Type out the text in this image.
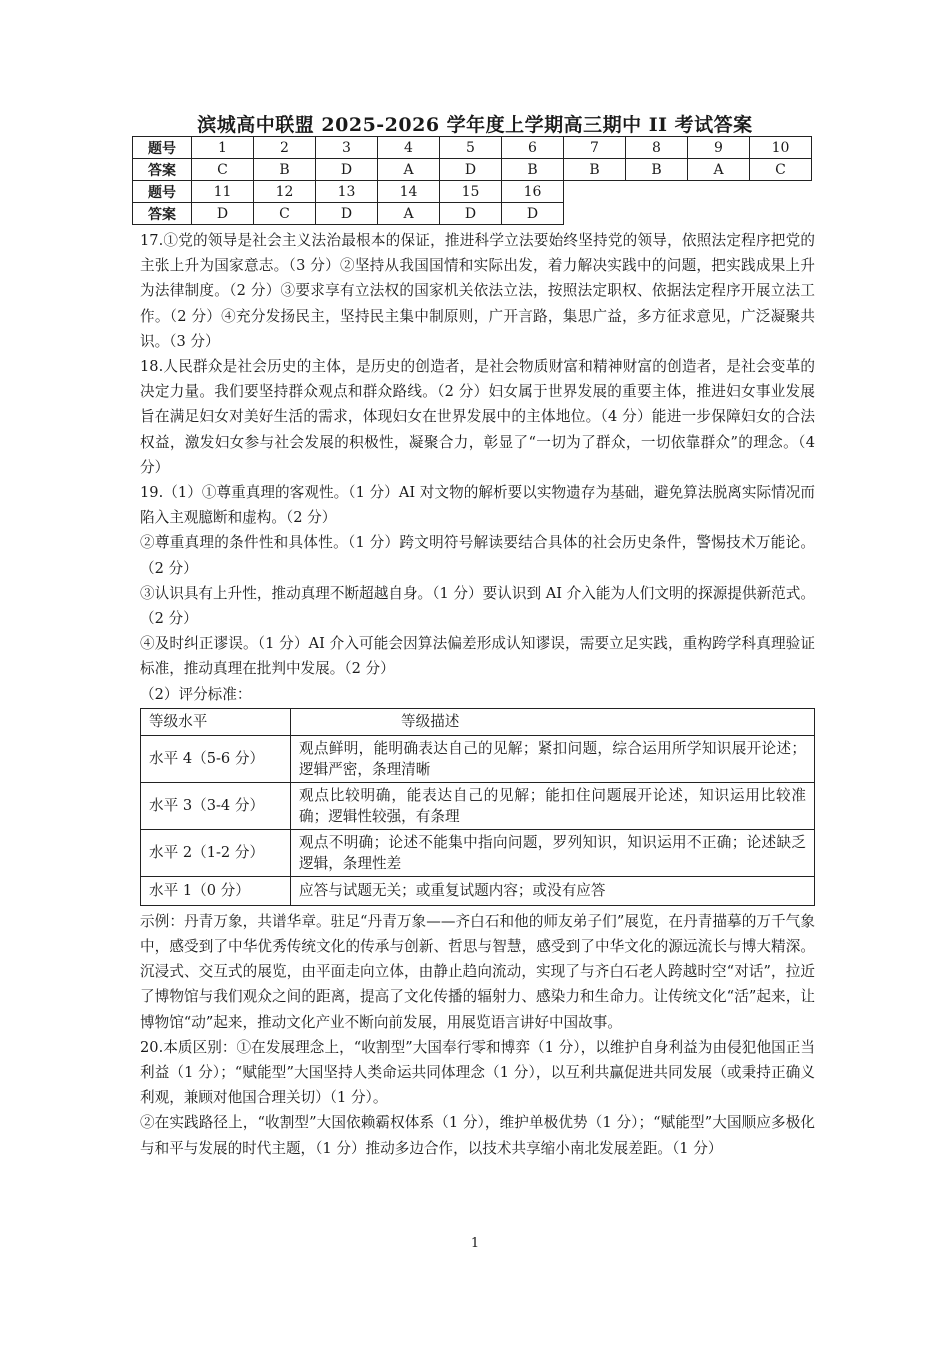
滨城高中联盟 2025-2026 学年度上学期高三期中 II 考试答案
题号	1	2	3	4	5	6	7	8	9	10
答案	C	B	D	A	D	B	B	B	A	C
题号	11	12	13	14	15	16				
答案	D	C	D	A	D	D				

17.①党的领导是社会主义法治最根本的保证，推进科学立法要始终坚持党的领导，依照法定程序把党的主张上升为国家意志。（3 分）②坚持从我国国情和实际出发，着力解决实践中的问题，把实践成果上升为法律制度。（2 分）③要求享有立法权的国家机关依法立法，按照法定职权、依据法定程序开展立法工作。（2 分）④充分发扬民主，坚持民主集中制原则，广开言路，集思广益，多方征求意见，广泛凝聚共识。（3 分）

18.人民群众是社会历史的主体，是历史的创造者，是社会物质财富和精神财富的创造者，是社会变革的决定力量。我们要坚持群众观点和群众路线。（2 分）妇女属于世界发展的重要主体，推进妇女事业发展旨在满足妇女对美好生活的需求，体现妇女在世界发展中的主体地位。（4 分）能进一步保障妇女的合法权益，激发妇女参与社会发展的积极性，凝聚合力，彰显了“一切为了群众，一切依靠群众”的理念。（4 分）

19.（1）①尊重真理的客观性。（1 分）AI 对文物的解析要以实物遗存为基础，避免算法脱离实际情况而陷入主观臆断和虚构。（2 分）

②尊重真理的条件性和具体性。（1 分）跨文明符号解读要结合具体的社会历史条件，警惕技术万能论。（2 分）

③认识具有上升性，推动真理不断超越自身。（1 分）要认识到 AI 介入能为人们文明的探源提供新范式。（2 分）

④及时纠正谬误。（1 分）AI 介入可能会因算法偏差形成认知谬误，需要立足实践，重构跨学科真理验证标准，推动真理在批判中发展。（2 分）

（2）评分标准：

等级水平	等级描述
水平 4（5-6 分）	观点鲜明，能明确表达自己的见解；紧扣问题，综合运用所学知识展开论述；逻辑严密，条理清晰
水平 3（3-4 分）	观点比较明确，能表达自己的见解；能扣住问题展开论述，知识运用比较准确；逻辑性较强，有条理
水平 2（1-2 分）	观点不明确；论述不能集中指向问题，罗列知识，知识运用不正确；论述缺乏逻辑，条理性差
水平 1（0 分）	应答与试题无关；或重复试题内容；或没有应答

示例：丹青万象，共谱华章。驻足“丹青万象——齐白石和他的师友弟子们”展览，在丹青描摹的万千气象中，感受到了中华优秀传统文化的传承与创新、哲思与智慧，感受到了中华文化的源远流长与博大精深。沉浸式、交互式的展览，由平面走向立体，由静止趋向流动，实现了与齐白石老人跨越时空“对话”，拉近了博物馆与我们观众之间的距离，提高了文化传播的辐射力、感染力和生命力。让传统文化“活”起来，让博物馆“动”起来，推动文化产业不断向前发展，用展览语言讲好中国故事。

20.本质区别：①在发展理念上，“收割型”大国奉行零和博弈（1 分），以维护自身利益为由侵犯他国正当利益（1 分）；“赋能型”大国坚持人类命运共同体理念（1 分），以互利共赢促进共同发展（或秉持正确义利观，兼顾对他国合理关切）（1 分）。

②在实践路径上，“收割型”大国依赖霸权体系（1 分），维护单极优势（1 分）；“赋能型”大国顺应多极化与和平与发展的时代主题，（1 分）推动多边合作，以技术共享缩小南北发展差距。（1 分）

1
